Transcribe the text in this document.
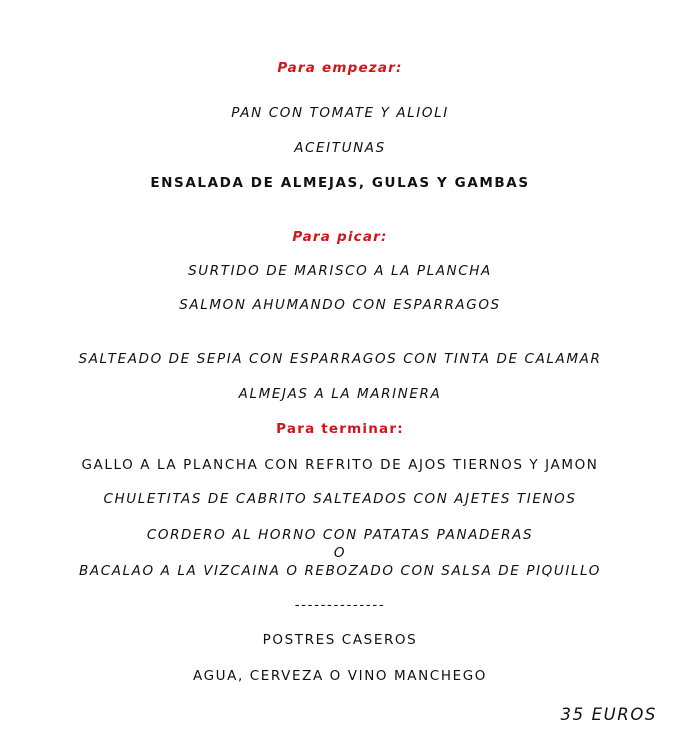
Para empezar:
PAN CON TOMATE Y ALIOLI
ACEITUNAS
ENSALADA DE ALMEJAS, GULAS Y GAMBAS
Para picar:
SURTIDO DE MARISCO A LA PLANCHA
SALMON AHUMANDO CON ESPARRAGOS
SALTEADO DE SEPIA CON ESPARRAGOS CON TINTA DE CALAMAR
ALMEJAS A LA MARINERA
Para terminar:
GALLO A LA PLANCHA CON REFRITO DE AJOS TIERNOS Y JAMON
CHULETITAS DE CABRITO SALTEADOS CON AJETES TIENOS
CORDERO AL HORNO CON PATATAS PANADERAS
O
BACALAO A LA VIZCAINA O REBOZADO CON SALSA DE PIQUILLO
--------------
POSTRES CASEROS
AGUA, CERVEZA O VINO MANCHEGO
35 EUROS
